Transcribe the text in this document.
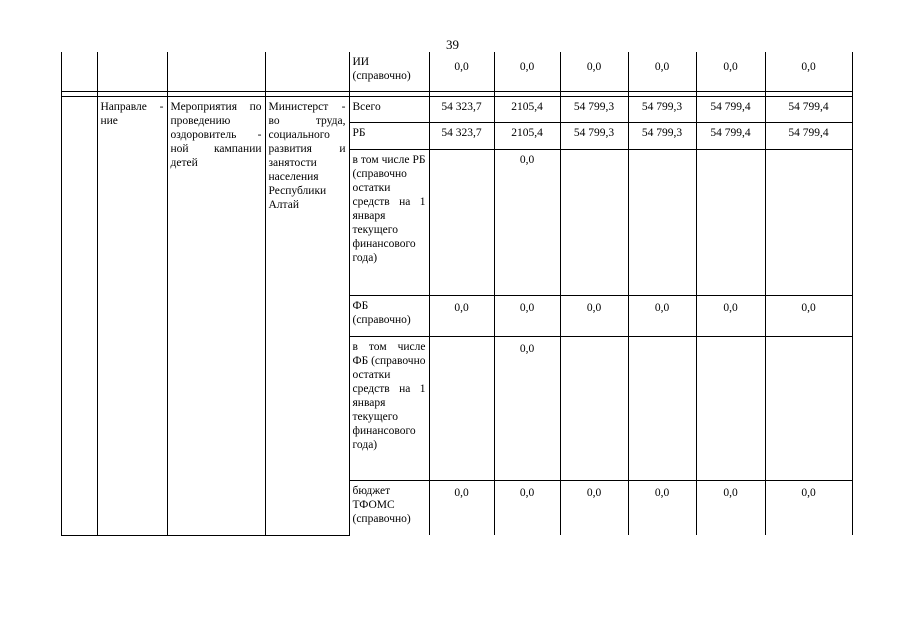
39
				ИИ (справочно)	0,0	0,0	0,0	0,0	0,0	0,0

	Направле - ние	Мероприятия по проведению оздоровитель - ной кампании детей	Министерст - во труда, социального развития и занятости населения Республики Алтай	Всего	54 323,7	2105,4	54 799,3	54 799,3	54 799,4	54 799,4
				РБ	54 323,7	2105,4	54 799,3	54 799,3	54 799,4	54 799,4
				в том числе РБ (справочно остатки средств на 1 января текущего финансового года)		0,0				
				ФБ (справочно)	0,0	0,0	0,0	0,0	0,0	0,0
				в том числе ФБ (справочно остатки средств на 1 января текущего финансового года)		0,0				
				бюджет ТФОМС (справочно)	0,0	0,0	0,0	0,0	0,0	0,0
